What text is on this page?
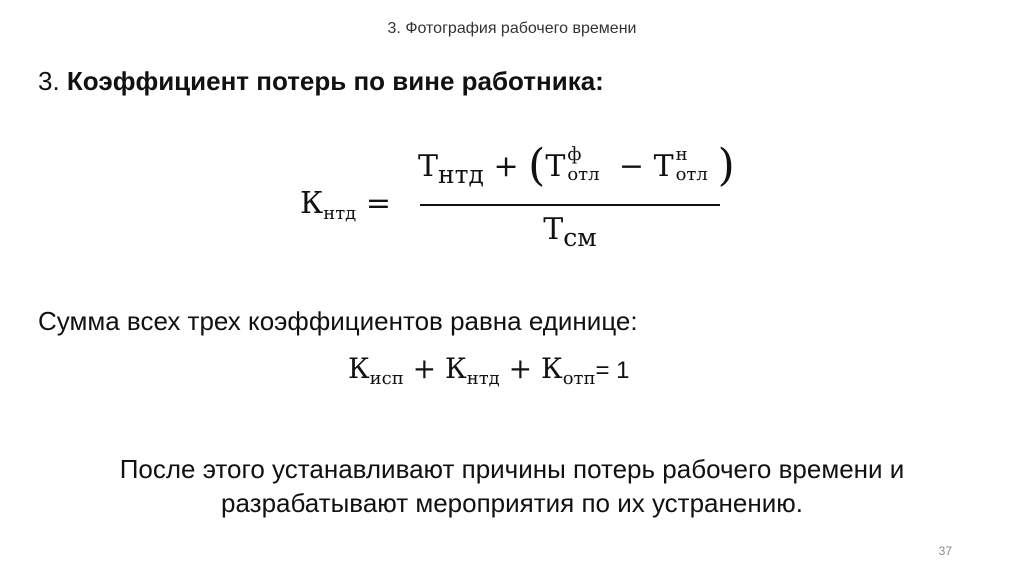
3. Фотография рабочего времени
3. Коэффициент потерь по вине работника:
$К_{нтд}$ =
$Т_{нтд} + (Т$ ф
отл − Т н
отл )
$Т_{см}$
Сумма всех трех коэффициентов равна единице:
$К_{исп} + К_{нтд} + К_{отп}= 1$
После этого устанавливают причины потерь рабочего времени и
разрабатывают мероприятия по их устранению.
37
